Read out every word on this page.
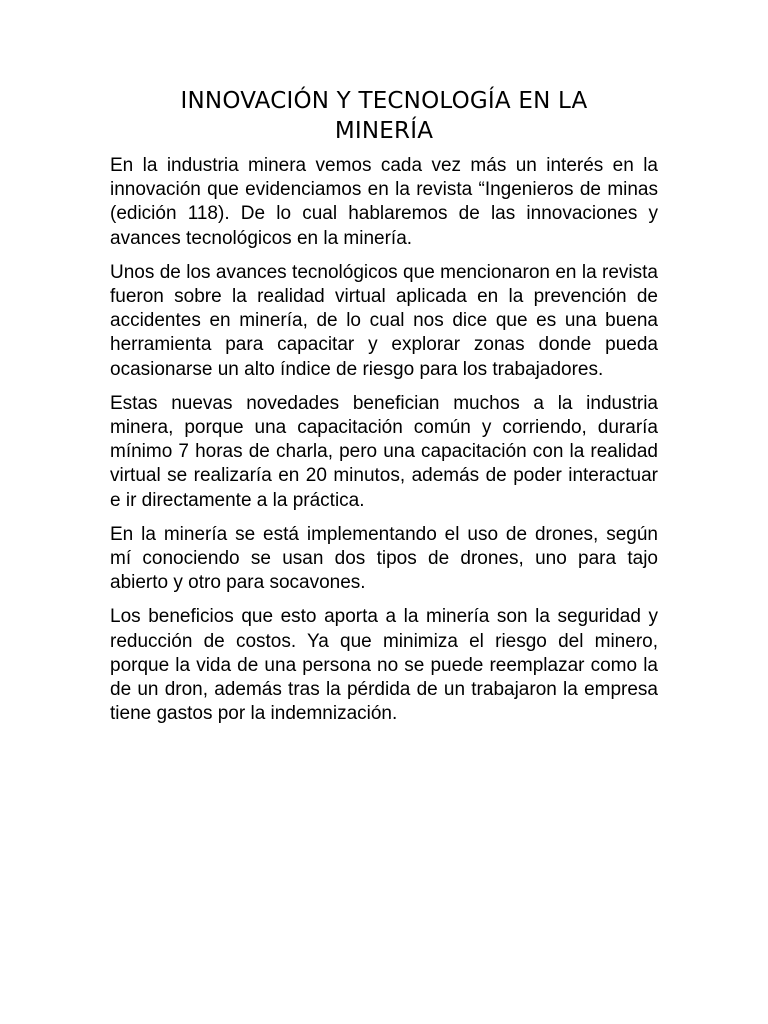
INNOVACIÓN Y TECNOLOGÍA EN LA MINERÍA

En la industria minera vemos cada vez más un interés en la innovación que evidenciamos en la revista “Ingenieros de minas (edición 118). De lo cual hablaremos de las innovaciones y avances tecnológicos en la minería.

Unos de los avances tecnológicos que mencionaron en la revista fueron sobre la realidad virtual aplicada en la prevención de accidentes en minería, de lo cual nos dice que es una buena herramienta para capacitar y explorar zonas donde pueda ocasionarse un alto índice de riesgo para los trabajadores.

Estas nuevas novedades benefician muchos a la industria minera, porque una capacitación común y corriendo, duraría mínimo 7 horas de charla, pero una capacitación con la realidad virtual se realizaría en 20 minutos, además de poder interactuar e ir directamente a la práctica.

En la minería se está implementando el uso de drones, según mí conociendo se usan dos tipos de drones, uno para tajo abierto y otro para socavones.

Los beneficios que esto aporta a la minería son la seguridad y reducción de costos. Ya que minimiza el riesgo del minero, porque la vida de una persona no se puede reemplazar como la de un dron, además tras la pérdida de un trabajaron la empresa tiene gastos por la indemnización.
